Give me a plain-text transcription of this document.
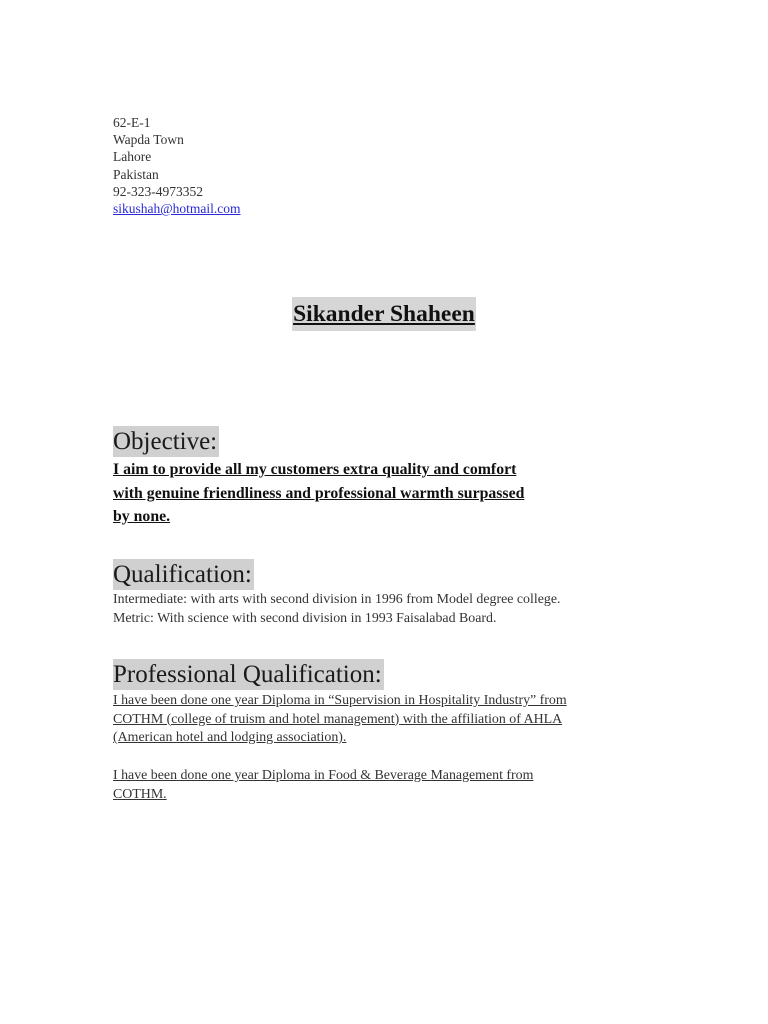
62-E-1
Wapda Town
Lahore
Pakistan
92-323-4973352
sikushah@hotmail.com
Sikander Shaheen
Objective:
I aim to provide all my customers extra quality and comfort
with genuine friendliness and professional warmth surpassed
by none.
Qualification:
Intermediate: with arts with second division in 1996 from Model degree college.
Metric: With science with second division in 1993 Faisalabad Board.
Professional Qualification:
I have been done one year Diploma in “Supervision in Hospitality Industry” from
COTHM (college of truism and hotel management) with the affiliation of AHLA
(American hotel and lodging association).
I have been done one year Diploma in Food & Beverage Management from
COTHM.
